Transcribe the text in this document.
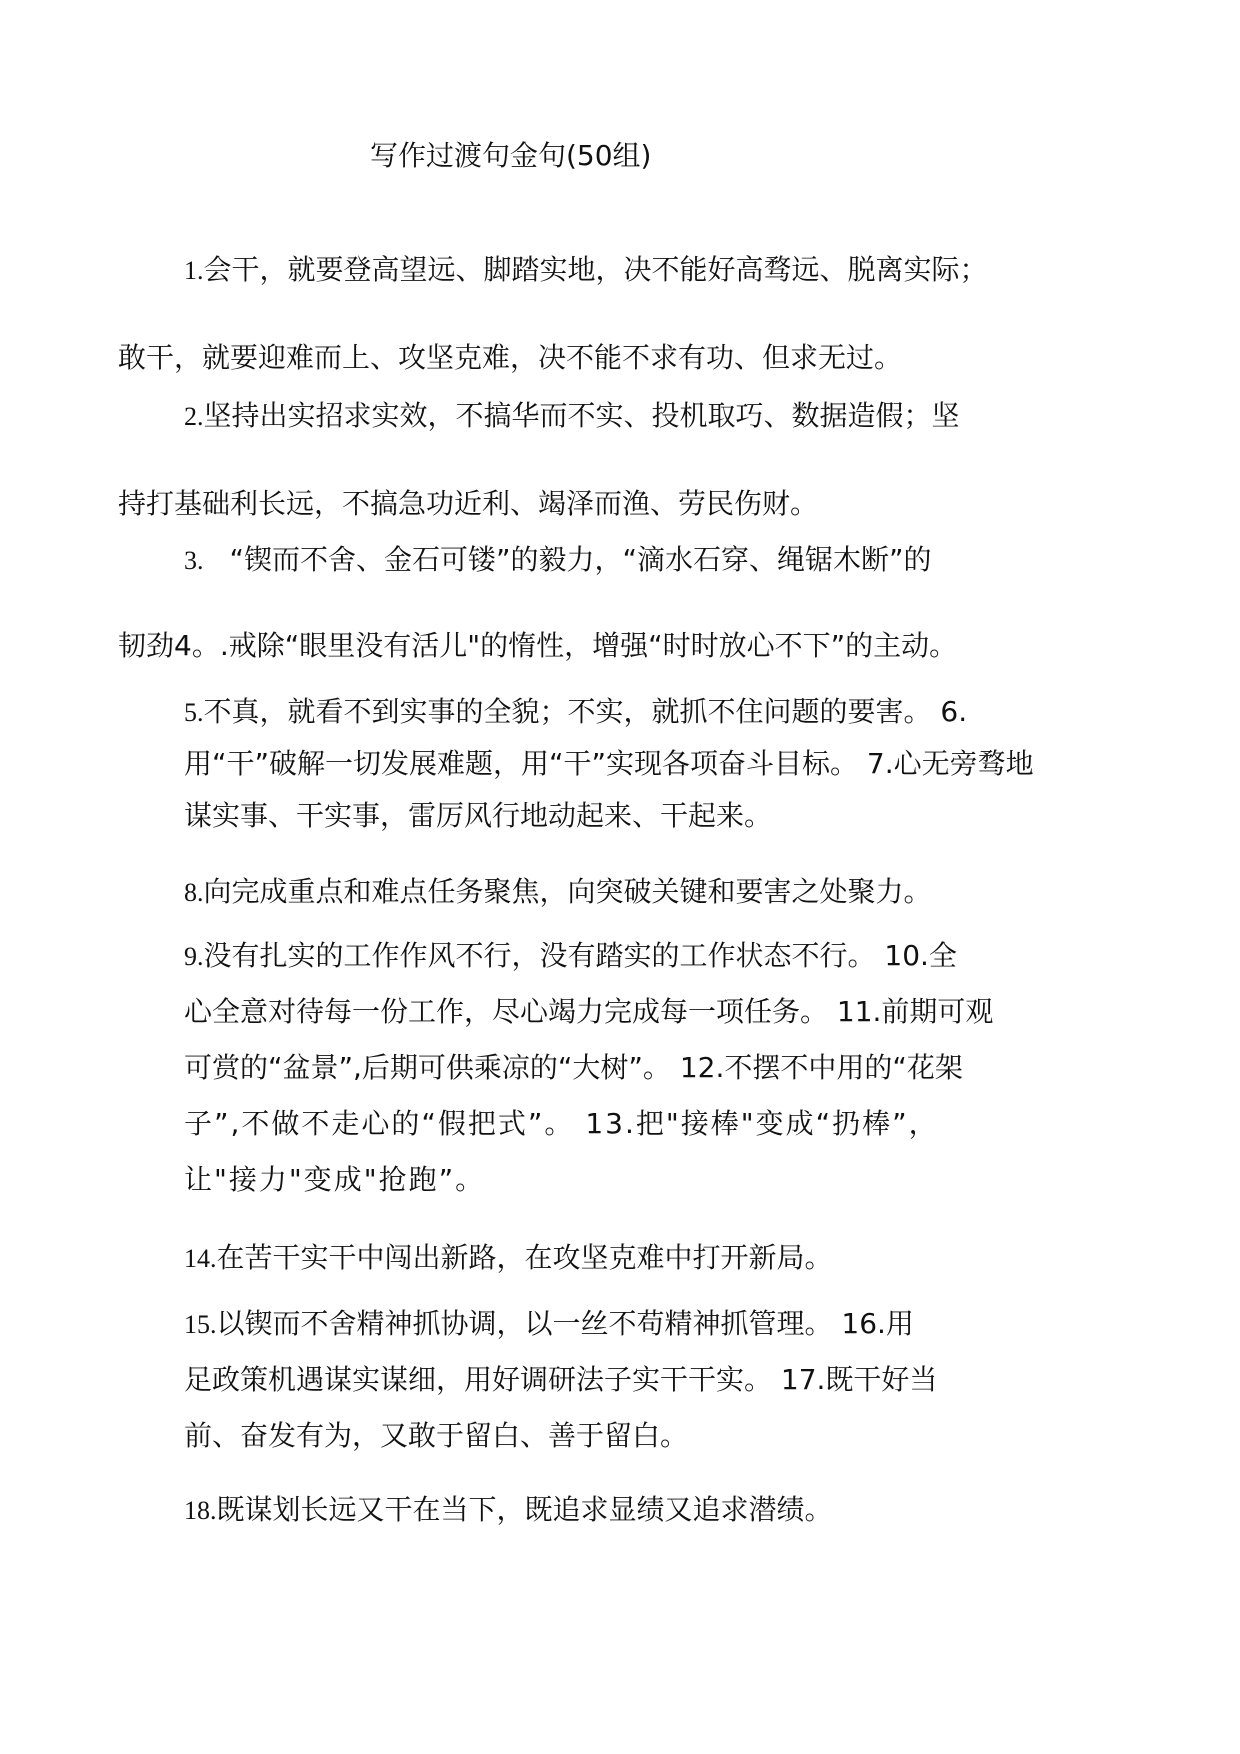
写作过渡句金句(50组)
1.会干，就要登高望远、脚踏实地，决不能好高骛远、脱离实际；
敢干，就要迎难而上、攻坚克难，决不能不求有功、但求无过。
2.坚持出实招求实效，不搞华而不实、投机取巧、数据造假；坚
持打基础利长远，不搞急功近利、竭泽而渔、劳民伤财。
3. “锲而不舍、金石可镂”的毅力，“滴水石穿、绳锯木断”的
韧劲4。.戒除“眼里没有活儿"的惰性，增强“时时放心不下”的主动。
5.不真，就看不到实事的全貌；不实，就抓不住问题的要害。 6.
用“干”破解一切发展难题，用“干”实现各项奋斗目标。 7.心无旁骛地
谋实事、干实事，雷厉风行地动起来、干起来。
8.向完成重点和难点任务聚焦，向突破关键和要害之处聚力。
9.没有扎实的工作作风不行，没有踏实的工作状态不行。 10.全
心全意对待每一份工作，尽心竭力完成每一项任务。 11.前期可观
可赏的“盆景”,后期可供乘凉的“大树”。 12.不摆不中用的“花架
子”,不做不走心的“假把式”。 13.把"接棒"变成“扔棒”，
让"接力"变成"抢跑”。
14.在苦干实干中闯出新路，在攻坚克难中打开新局。
15.以锲而不舍精神抓协调，以一丝不苟精神抓管理。 16.用
足政策机遇谋实谋细，用好调研法子实干干实。 17.既干好当
前、奋发有为，又敢于留白、善于留白。
18.既谋划长远又干在当下，既追求显绩又追求潜绩。
